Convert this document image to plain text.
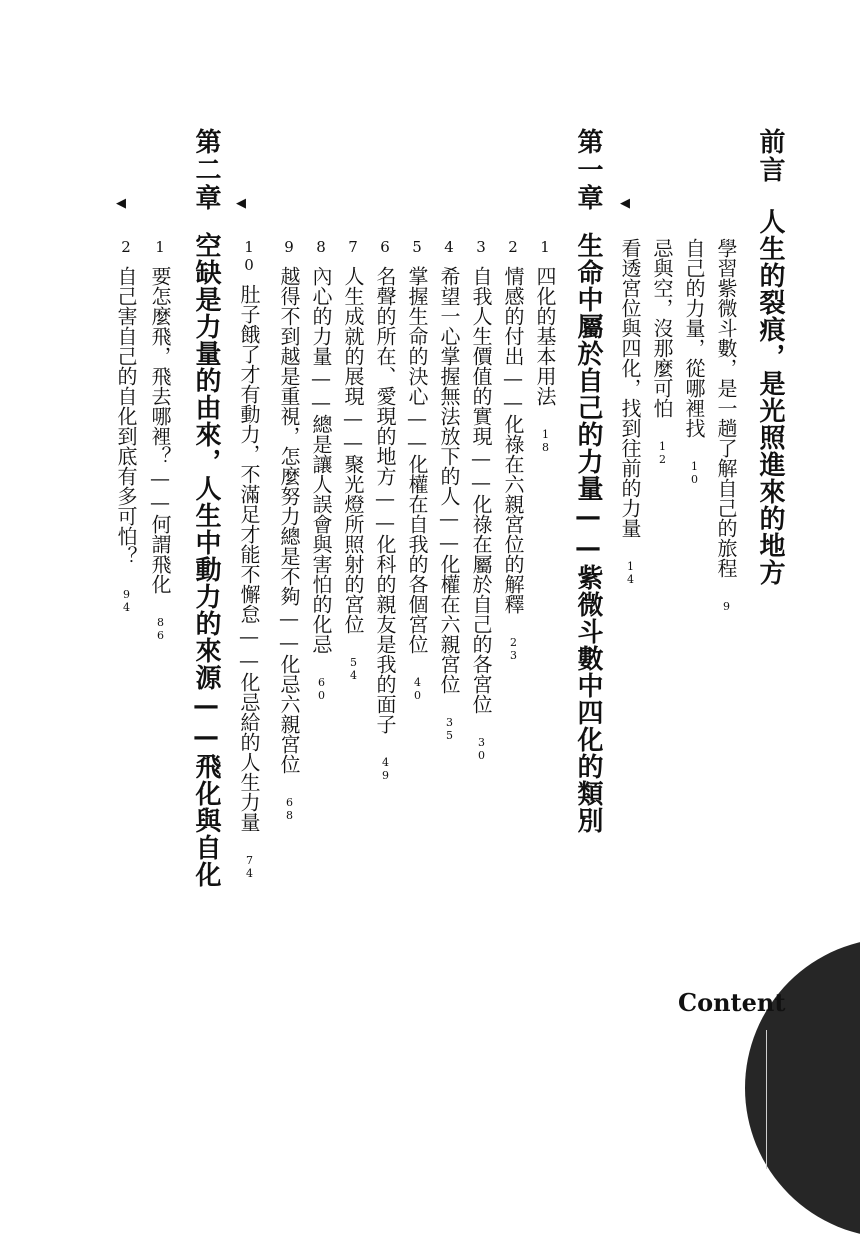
前言
人生的裂痕，是光照進來的地方
◀
學習紫微斗數，是一趟了解自己的旅程9
自己的力量，從哪裡找10
忌與空，沒那麼可怕12
看透宮位與四化，找到往前的力量14
第一章
生命中屬於自己的力量——紫微斗數中四化的類別
◀
1四化的基本用法18
2情感的付出——化祿在六親宮位的解釋23
3自我人生價值的實現——化祿在屬於自己的各宮位30
4希望一心掌握無法放下的人——化權在六親宮位35
5掌握生命的決心——化權在自我的各個宮位40
6名聲的所在、愛現的地方——化科的親友是我的面子49
7人生成就的展現——聚光燈所照射的宮位54
8內心的力量——總是讓人誤會與害怕的化忌60
9越得不到越是重視，怎麼努力總是不夠——化忌六親宮位68
10肚子餓了才有動力，不滿足才能不懈怠——化忌給的人生力量74
第二章
空缺是力量的由來，人生中動力的來源——飛化與自化
◀
1要怎麼飛，飛去哪裡？——何謂飛化86
2自己害自己的自化到底有多可怕？94
Content
